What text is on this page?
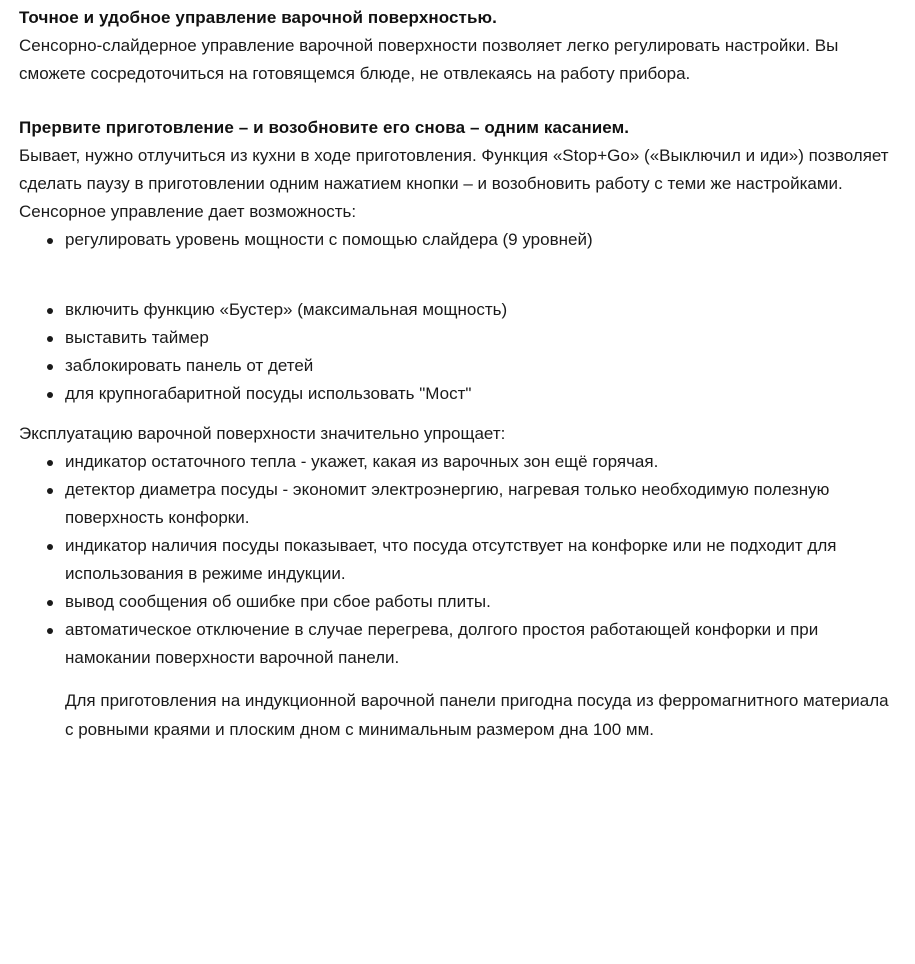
Точное и удобное управление варочной поверхностью.

Сенсорно-слайдерное управление варочной поверхности позволяет легко регулировать настройки. Вы сможете сосредоточиться на готовящемся блюде, не отвлекаясь на работу прибора.

Прервите приготовление – и возобновите его снова – одним касанием.

Бывает, нужно отлучиться из кухни в ходе приготовления. Функция «Stop+Go» («Выключил и иди») позволяет сделать паузу в приготовлении одним нажатием кнопки – и возобновить работу с теми же настройками.

Сенсорное управление дает возможность:

регулировать уровень мощности с помощью слайдера (9 уровней)
включить функцию «Бустер» (максимальная мощность)
выставить таймер
заблокировать панель от детей
для крупногабаритной посуды использовать "Мост"

Эксплуатацию варочной поверхности значительно упрощает:

индикатор остаточного тепла - укажет, какая из варочных зон ещё горячая.
детектор диаметра посуды - экономит электроэнергию, нагревая только необходимую полезную поверхность конфорки.
индикатор наличия посуды показывает, что посуда отсутствует на конфорке или не подходит для использования в режиме индукции.
вывод сообщения об ошибке при сбое работы плиты.
автоматическое отключение в случае перегрева, долгого простоя работающей конфорки и при намокании поверхности варочной панели.

Для приготовления на индукционной варочной панели пригодна посуда из ферромагнитного материала с ровными краями и плоским дном с минимальным размером дна 100 мм.
